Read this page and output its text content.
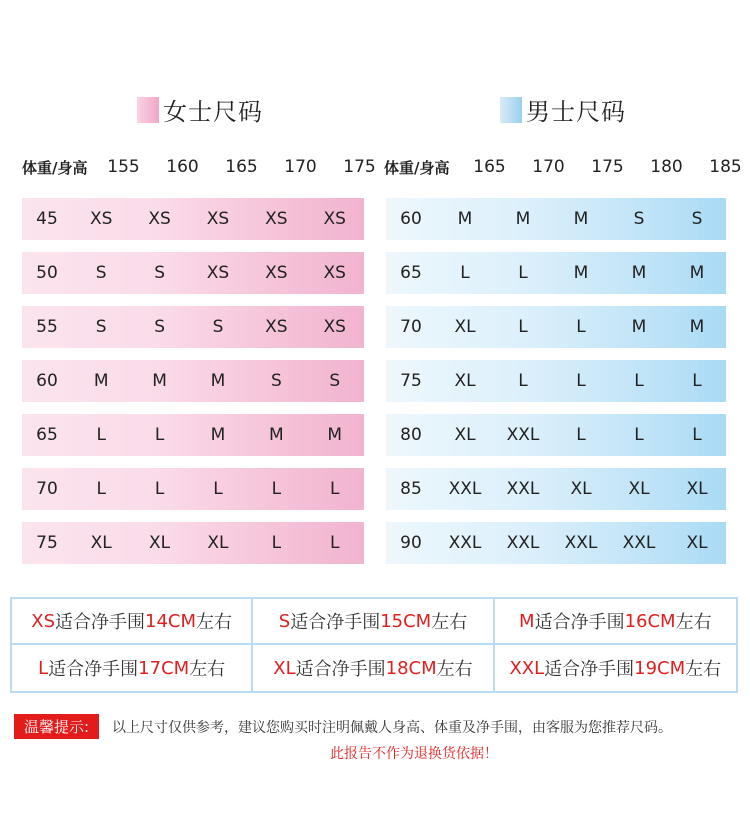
女士尺码	男士尺码
体重/身高	155	160	165	170	175 体重/身高	165	170	175	180	185
45	XS	XS	XS	XS	XS
50	S	S	XS	XS	XS
55	S	S	S	XS	XS
60	M	M	M	S	S
65	L	L	M	M	M
70	L	L	L	L	L
75	XL	XL	XL	L	L
60	M	M	M	S	S
65	L	L	M	M	M
70	XL	L	L	M	M
75	XL	L	L	L	L
80	XL	XXL	L	L	L
85	XXL	XXL	XL	XL	XL
90	XXL	XXL	XXL	XXL	XL
XS 适合净手围 14CM 左右	S 适合净手围 15CM 左右	M 适合净手围 16CM 左右
L 适合净手围 17CM 左右	XL 适合净手围 18CM 左右 XXL 适合净手围 19CM 左右
温馨提示:	以上尺寸仅供参考，建议您购买时注明佩戴人身高、体重及净手围，由客服为您推荐尺码。
此报告不作为退换货依据！
